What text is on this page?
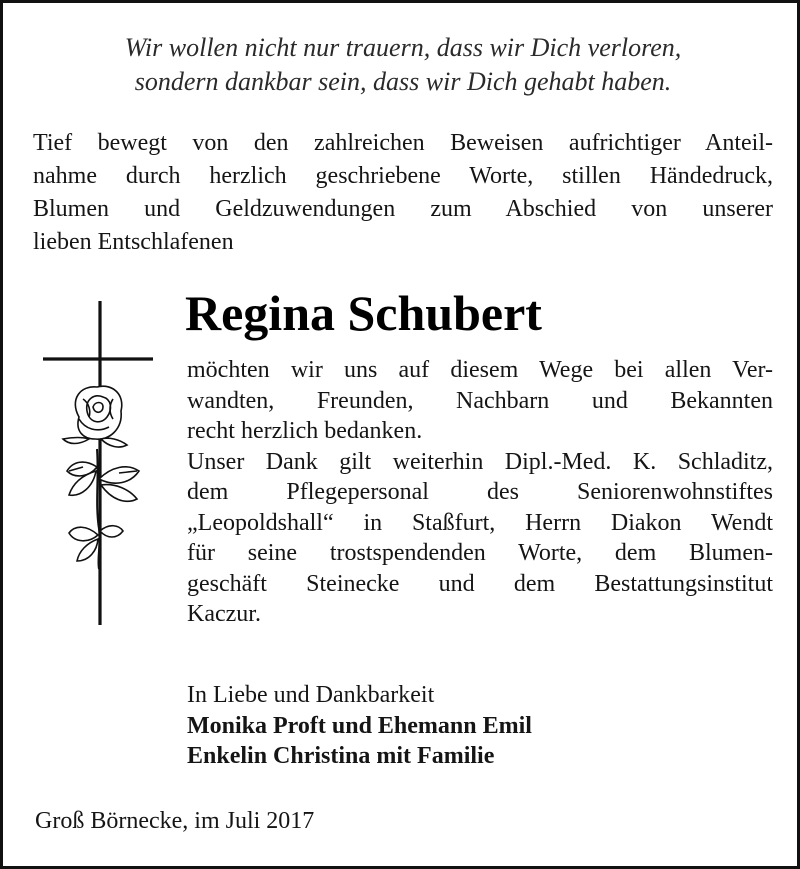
Wir wollen nicht nur trauern, dass wir Dich verloren,
sondern dankbar sein, dass wir Dich gehabt haben.
Tief bewegt von den zahlreichen Beweisen aufrichtiger Anteil-
nahme durch herzlich geschriebene Worte, stillen Händedruck,
Blumen und Geldzuwendungen zum Abschied von unserer
lieben Entschlafenen
Regina Schubert
möchten wir uns auf diesem Wege bei allen Ver-
wandten, Freunden, Nachbarn und Bekannten
recht herzlich bedanken.
Unser Dank gilt weiterhin Dipl.-Med. K. Schladitz,
dem Pflegepersonal des Seniorenwohnstiftes
„Leopoldshall“ in Staßfurt, Herrn Diakon Wendt
für seine trostspendenden Worte, dem Blumen-
geschäft Steinecke und dem Bestattungsinstitut
Kaczur.
In Liebe und Dankbarkeit
Monika Proft und Ehemann Emil
Enkelin Christina mit Familie
Groß Börnecke, im Juli 2017
